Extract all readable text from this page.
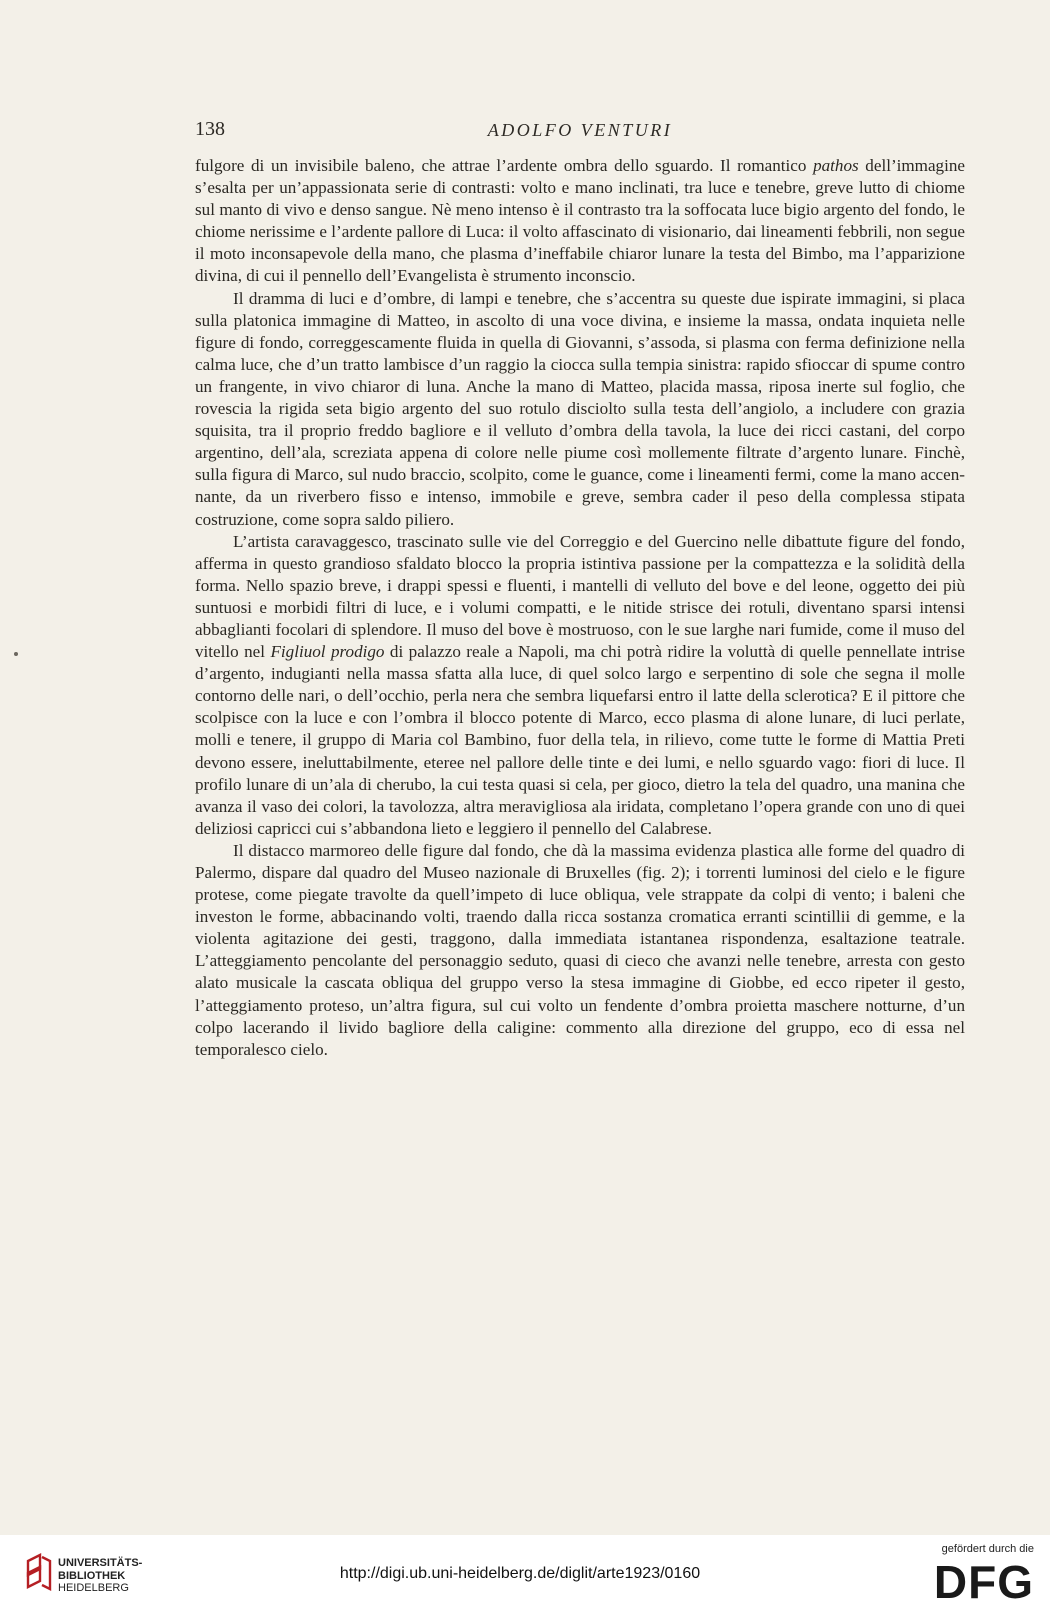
138	ADOLFO VENTURI

fulgore di un invisibile baleno, che attrae l’ardente ombra dello sguardo. Il romantico pathos dell’immagine s’esalta per un’appassionata serie di contrasti: volto e mano inclinati, tra luce e tenebre, greve lutto di chiome sul manto di vivo e denso sangue. Nè meno intenso è il contrasto tra la soffocata luce bigio argento del fondo, le chiome nerissime e l’ardente pallore di Luca: il volto affascinato di visionario, dai lineamenti febbrili, non segue il moto inconsapevole della mano, che plasma d’ineffabile chiaror lunare la testa del Bimbo, ma l’apparizione divina, di cui il pennello dell’Evangelista è strumento inconscio.

Il dramma di luci e d’ombre, di lampi e tenebre, che s’accentra su queste due ispirate immagini, si placa sulla platonica immagine di Matteo, in ascolto di una voce divina, e insieme la massa, ondata inquieta nelle figure di fondo, correggescamente fluida in quella di Giovanni, s’assoda, si plasma con ferma definizione nella calma luce, che d’un tratto lambisce d’un raggio la ciocca sulla tempia sinistra: rapido sfioccar di spume contro un frangente, in vivo chiaror di luna. Anche la mano di Matteo, placida massa, riposa inerte sul foglio, che rovescia la rigida seta bigio argento del suo rotulo disciolto sulla testa dell’angiolo, a includere con grazia squisita, tra il proprio freddo bagliore e il velluto d’ombra della tavola, la luce dei ricci castani, del corpo argentino, dell’ala, screziata appena di colore nelle piume così mollemente filtrate d’argento lunare. Finchè, sulla figura di Marco, sul nudo braccio, scolpito, come le guance, come i lineamenti fermi, come la mano accennante, da un riverbero fisso e intenso, immobile e greve, sembra cader il peso della complessa stipata costruzione, come sopra saldo piliero.

L’artista caravaggesco, trascinato sulle vie del Correggio e del Guercino nelle dibattute figure del fondo, afferma in questo grandioso sfaldato blocco la propria istintiva passione per la compattezza e la solidità della forma. Nello spazio breve, i drappi spessi e fluenti, i mantelli di velluto del bove e del leone, oggetto dei più suntuosi e morbidi filtri di luce, e i volumi compatti, e le nitide strisce dei rotuli, diventano sparsi intensi abbaglianti focolari di splendore. Il muso del bove è mostruoso, con le sue larghe nari fumide, come il muso del vitello nel Figliuol prodigo di palazzo reale a Napoli, ma chi potrà ridire la voluttà di quelle pennellate intrise d’argento, indugianti nella massa sfatta alla luce, di quel solco largo e serpentino di sole che segna il molle contorno delle nari, o dell’occhio, perla nera che sembra liquefarsi entro il latte della sclerotica? E il pittore che scolpisce con la luce e con l’ombra il blocco potente di Marco, ecco plasma di alone lunare, di luci perlate, molli e tenere, il gruppo di Maria col Bambino, fuor della tela, in rilievo, come tutte le forme di Mattia Preti devono essere, ineluttabilmente, eteree nel pallore delle tinte e dei lumi, e nello sguardo vago: fiori di luce. Il profilo lunare di un’ala di cherubo, la cui testa quasi si cela, per gioco, dietro la tela del quadro, una manina che avanza il vaso dei colori, la tavolozza, altra meravigliosa ala iridata, completano l’opera grande con uno di quei deliziosi capricci cui s’abbandona lieto e leggiero il pennello del Calabrese.

Il distacco marmoreo delle figure dal fondo, che dà la massima evidenza plastica alle forme del quadro di Palermo, dispare dal quadro del Museo nazionale di Bruxelles (fig. 2); i torrenti luminosi del cielo e le figure protese, come piegate travolte da quell’impeto di luce obliqua, vele strappate da colpi di vento; i baleni che investon le forme, abbacinando volti, traendo dalla ricca sostanza cromatica erranti scintillii di gemme, e la violenta agitazione dei gesti, traggono, dalla immediata istantanea rispondenza, esaltazione teatrale. L’atteggiamento pencolante del personaggio seduto, quasi di cieco che avanzi nelle tenebre, arresta con gesto alato musicale la cascata obliqua del gruppo verso la stesa immagine di Giobbe, ed ecco ripeter il gesto, l’atteggiamento proteso, un’altra figura, sul cui volto un fendente d’ombra proietta maschere notturne, d’un colpo lacerando il livido bagliore della caligine: commento alla direzione del gruppo, eco di essa nel temporalesco cielo.

UNIVERSITÄTS-
BIBLIOTHEK
HEIDELBERG
http://digi.ub.uni-heidelberg.de/diglit/arte1923/0160
gefördert durch die
DFG
